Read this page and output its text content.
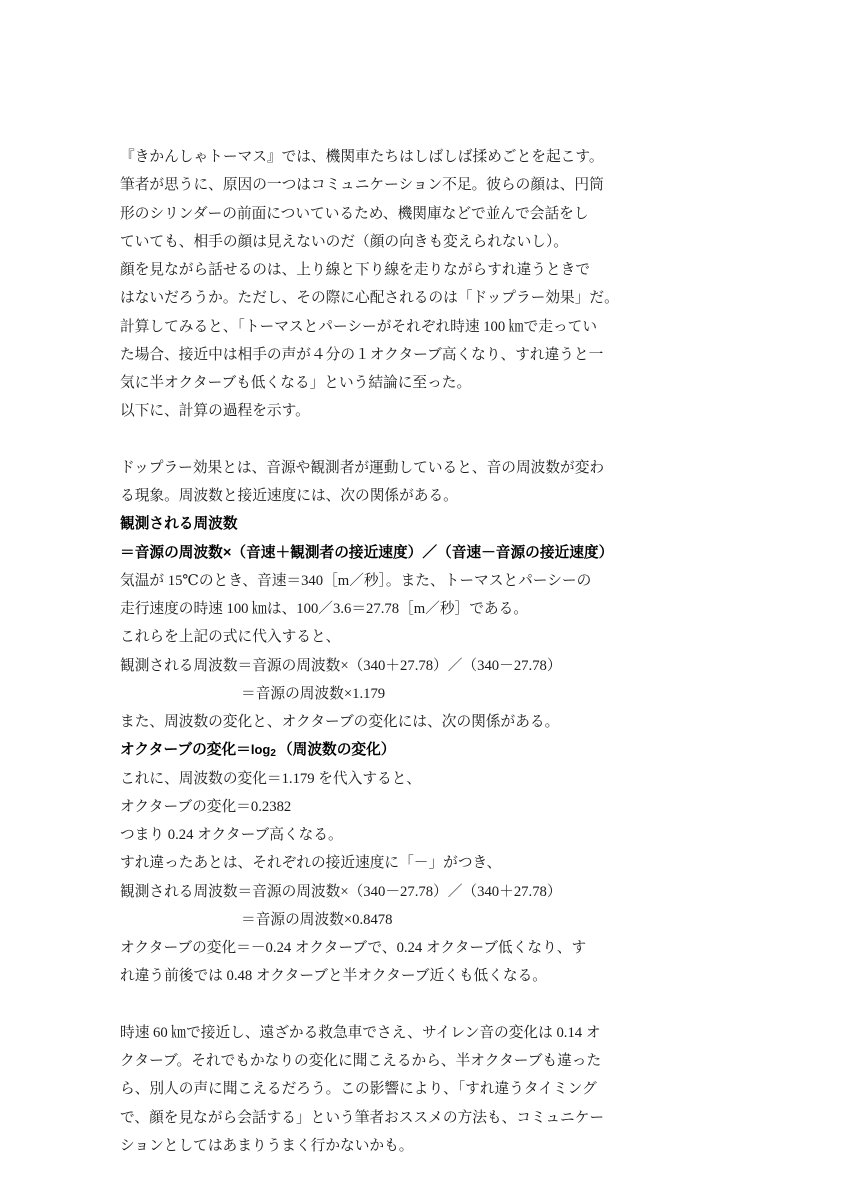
『きかんしゃトーマス』では、機関車たちはしばしば揉めごとを起こす。
筆者が思うに、原因の一つはコミュニケーション不足。彼らの顔は、円筒
形のシリンダーの前面についているため、機関庫などで並んで会話をし
ていても、相手の顔は見えないのだ（顔の向きも変えられないし）。
顔を見ながら話せるのは、上り線と下り線を走りながらすれ違うときで
はないだろうか。ただし、その際に心配されるのは「ドップラー効果」だ。
計算してみると、「トーマスとパーシーがそれぞれ時速 100 ㎞で走ってい
た場合、接近中は相手の声が４分の１オクターブ高くなり、すれ違うと一
気に半オクターブも低くなる」という結論に至った。
以下に、計算の過程を示す。
ドップラー効果とは、音源や観測者が運動していると、音の周波数が変わ
る現象。周波数と接近速度には、次の関係がある。
観測される周波数
＝音源の周波数×（音速＋観測者の接近速度）／（音速－音源の接近速度）
気温が 15℃のとき、音速＝340［m／秒］。また、トーマスとパーシーの
走行速度の時速 100 ㎞は、100／3.6＝27.78［m／秒］である。
これらを上記の式に代入すると、
観測される周波数＝音源の周波数×（340＋27.78）／（340－27.78）
＝音源の周波数×1.179
また、周波数の変化と、オクターブの変化には、次の関係がある。
オクターブの変化＝log2 （周波数の変化）
これに、周波数の変化＝1.179 を代入すると、
オクターブの変化＝0.2382
つまり 0.24 オクターブ高くなる。
すれ違ったあとは、それぞれの接近速度に「－」がつき、
観測される周波数＝音源の周波数×（340－27.78）／（340＋27.78）
＝音源の周波数×0.8478
オクターブの変化＝－0.24 オクターブで、0.24 オクターブ低くなり、す
れ違う前後では 0.48 オクターブと半オクターブ近くも低くなる。
時速 60 ㎞で接近し、遠ざかる救急車でさえ、サイレン音の変化は 0.14 オ
クターブ。それでもかなりの変化に聞こえるから、半オクターブも違った
ら、別人の声に聞こえるだろう。この影響により、「すれ違うタイミング
で、顔を見ながら会話する」という筆者おススメの方法も、コミュニケー
ションとしてはあまりうまく行かないかも。
